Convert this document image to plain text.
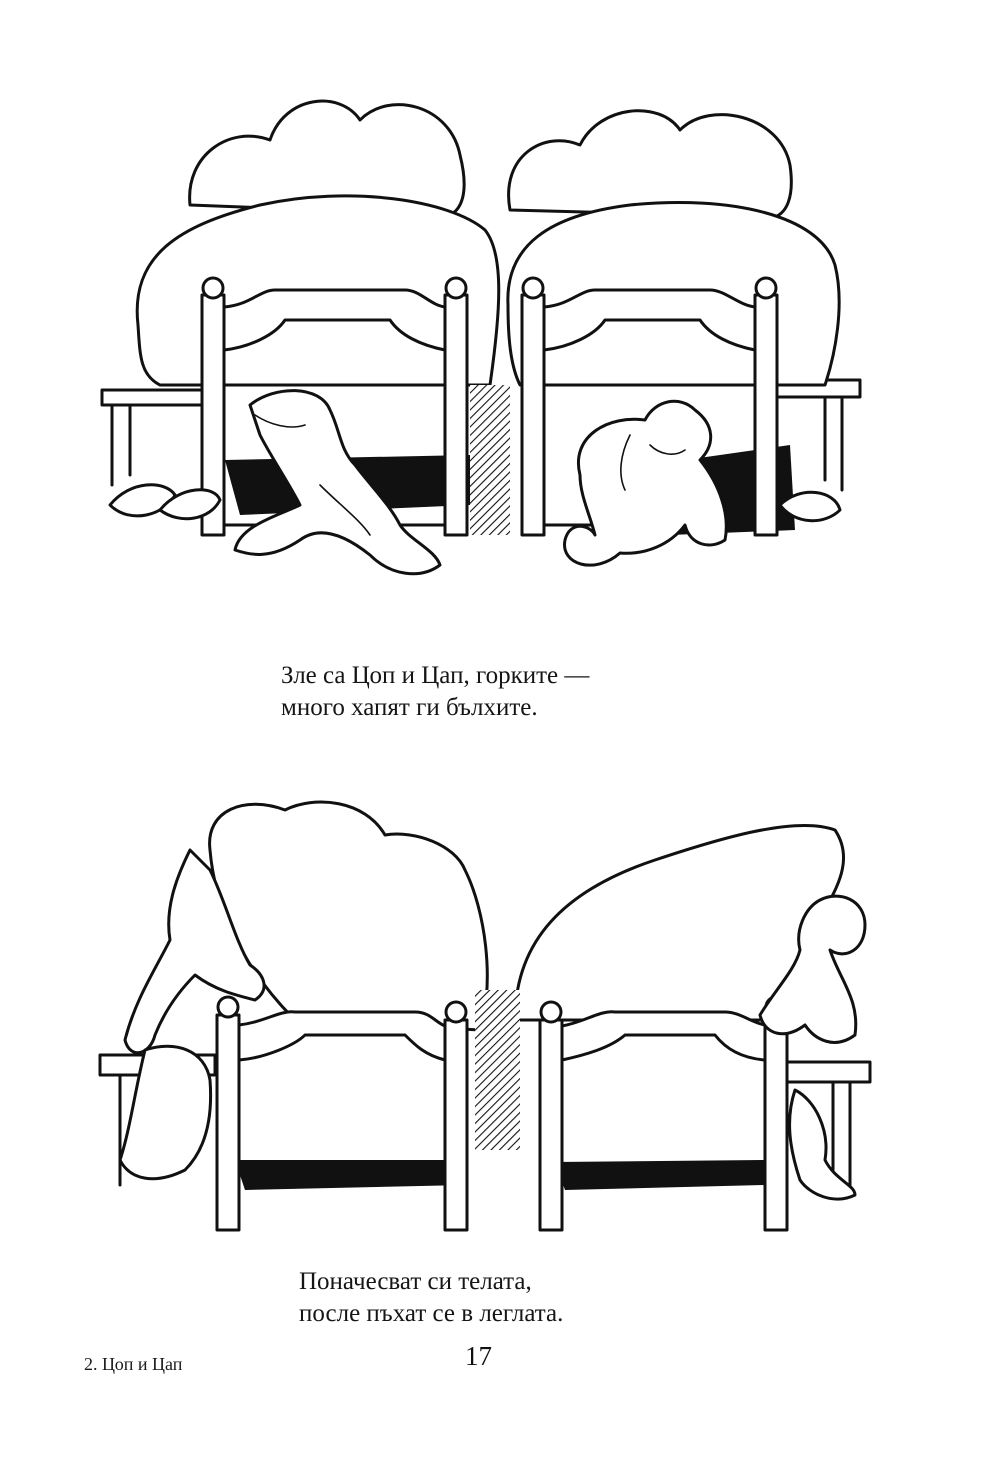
Зле са Цоп и Цап, горките —
много хапят ги бълхите.
Поначесват си телата,
после пъхат се в леглата.
2. Цоп и Цап	17
